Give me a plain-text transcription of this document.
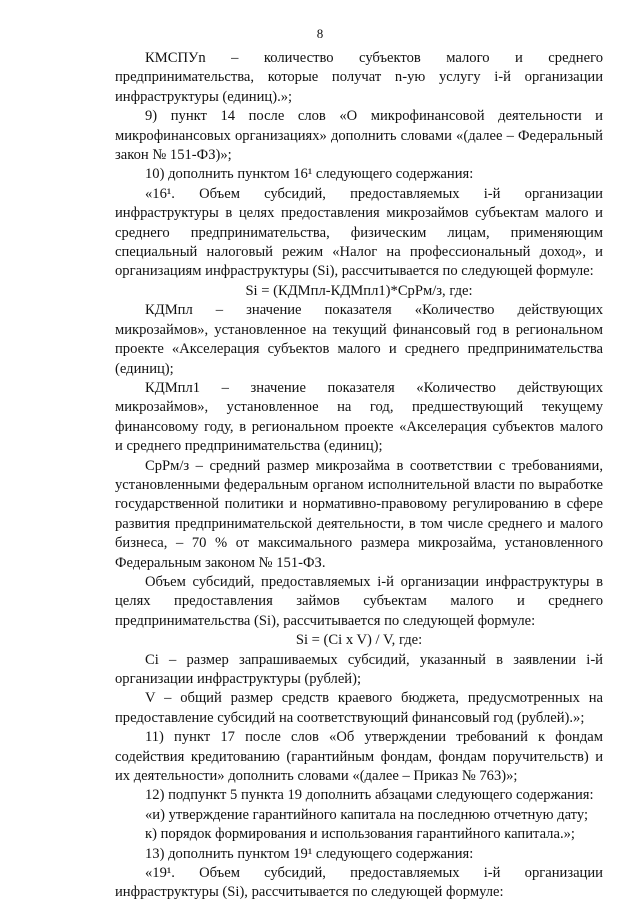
8
КМСПУn – количество субъектов малого и среднего
предпринимательства, которые получат n-ую услугу i-й организации
инфраструктуры (единиц).»;
9) пункт 14 после слов «О микрофинансовой деятельности и
микрофинансовых организациях» дополнить словами «(далее – Федеральный
закон № 151-ФЗ)»;
10) дополнить пунктом 16¹ следующего содержания:
«16¹. Объем субсидий, предоставляемых i-й организации
инфраструктуры в целях предоставления микрозаймов субъектам малого и
среднего предпринимательства, физическим лицам, применяющим
специальный налоговый режим «Налог на профессиональный доход», и
организациям инфраструктуры (Si), рассчитывается по следующей формуле:
Si = (КДМпл-КДМпл1)*СрРм/з, где:
КДМпл – значение показателя «Количество действующих
микрозаймов», установленное на текущий финансовый год в региональном
проекте «Акселерация субъектов малого и среднего предпринимательства
(единиц);
КДМпл1 – значение показателя «Количество действующих
микрозаймов», установленное на год, предшествующий текущему
финансовому году, в региональном проекте «Акселерация субъектов малого
и среднего предпринимательства (единиц);
СрРм/з – средний размер микрозайма в соответствии с требованиями,
установленными федеральным органом исполнительной власти по выработке
государственной политики и нормативно-правовому регулированию в сфере
развития предпринимательской деятельности, в том числе среднего и малого
бизнеса, – 70 % от максимального размера микрозайма, установленного
Федеральным законом № 151-ФЗ.
Объем субсидий, предоставляемых i-й организации инфраструктуры в
целях предоставления займов субъектам малого и среднего
предпринимательства (Si), рассчитывается по следующей формуле:
Si = (Ci x V) / V, где:
Ci – размер запрашиваемых субсидий, указанный в заявлении i-й
организации инфраструктуры (рублей);
V – общий размер средств краевого бюджета, предусмотренных на
предоставление субсидий на соответствующий финансовый год (рублей).»;
11) пункт 17 после слов «Об утверждении требований к фондам
содействия кредитованию (гарантийным фондам, фондам поручительств) и
их деятельности» дополнить словами «(далее – Приказ № 763)»;
12) подпункт 5 пункта 19 дополнить абзацами следующего содержания:
«и) утверждение гарантийного капитала на последнюю отчетную дату;
к) порядок формирования и использования гарантийного капитала.»;
13) дополнить пунктом 19¹ следующего содержания:
«19¹. Объем субсидий, предоставляемых i-й организации
инфраструктуры (Si), рассчитывается по следующей формуле:
